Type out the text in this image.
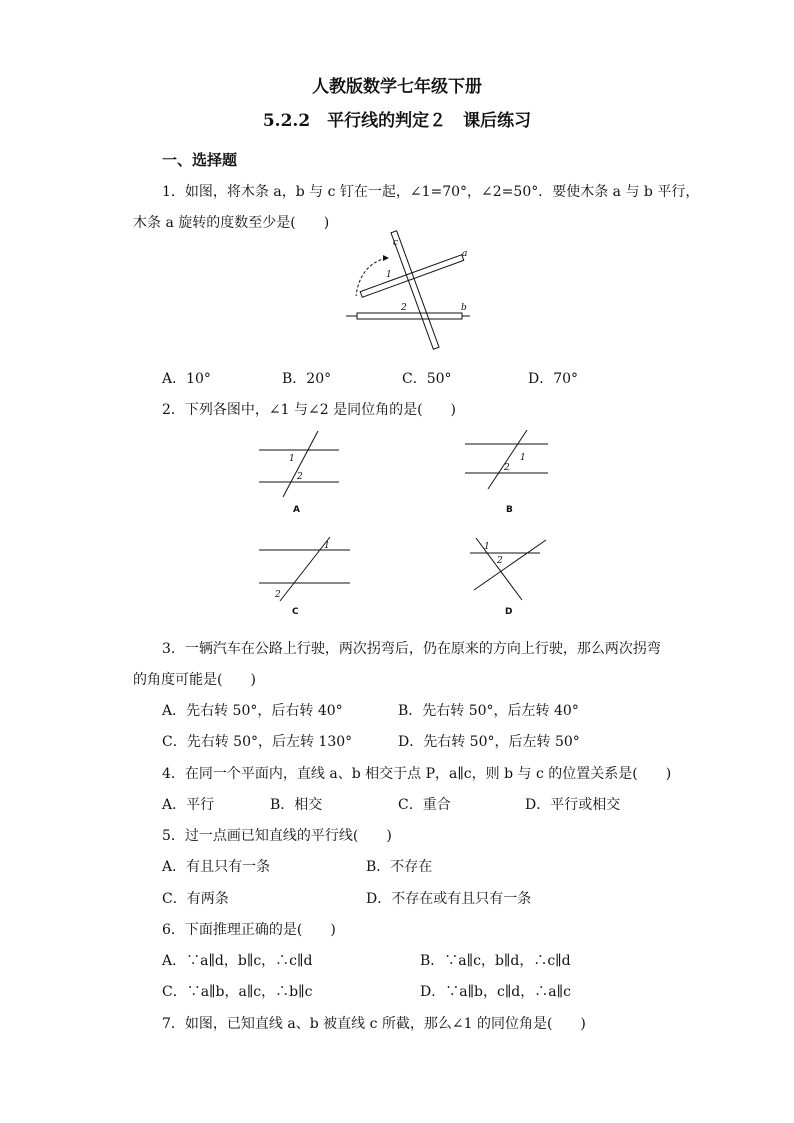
人教版数学七年级下册
5.2.2　平行线的判定２　课后练习
一、选择题
1．如图，将木条 a，b 与 c 钉在一起，∠1=70°，∠2=50°．要使木条 a 与 b 平行，
木条 a 旋转的度数至少是(　　)
a
b
c
1
2
A．10°	B．20°	C．50°	D．70°
2．下列各图中，∠1 与∠2 是同位角的是(　　)
1
2
A
1
2
B
1
2
C
1
2
D
3．一辆汽车在公路上行驶，两次拐弯后，仍在原来的方向上行驶，那么两次拐弯
的角度可能是(　　)
A．先右转 50°，后右转 40°	B．先右转 50°，后左转 40°
C．先右转 50°，后左转 130°	D．先右转 50°，后左转 50°
4．在同一个平面内，直线 a、b 相交于点 P，a∥c，则 b 与 c 的位置关系是(　　)
A．平行	B．相交	C．重合	D．平行或相交
5．过一点画已知直线的平行线(　　)
A．有且只有一条	B．不存在
C．有两条	D．不存在或有且只有一条
6．下面推理正确的是(　　)
A．∵a∥d，b∥c，∴c∥d	B．∵a∥c，b∥d，∴c∥d
C．∵a∥b，a∥c，∴b∥c	D．∵a∥b，c∥d，∴a∥c
7．如图，已知直线 a、b 被直线 c 所截，那么∠1 的同位角是(　　)
